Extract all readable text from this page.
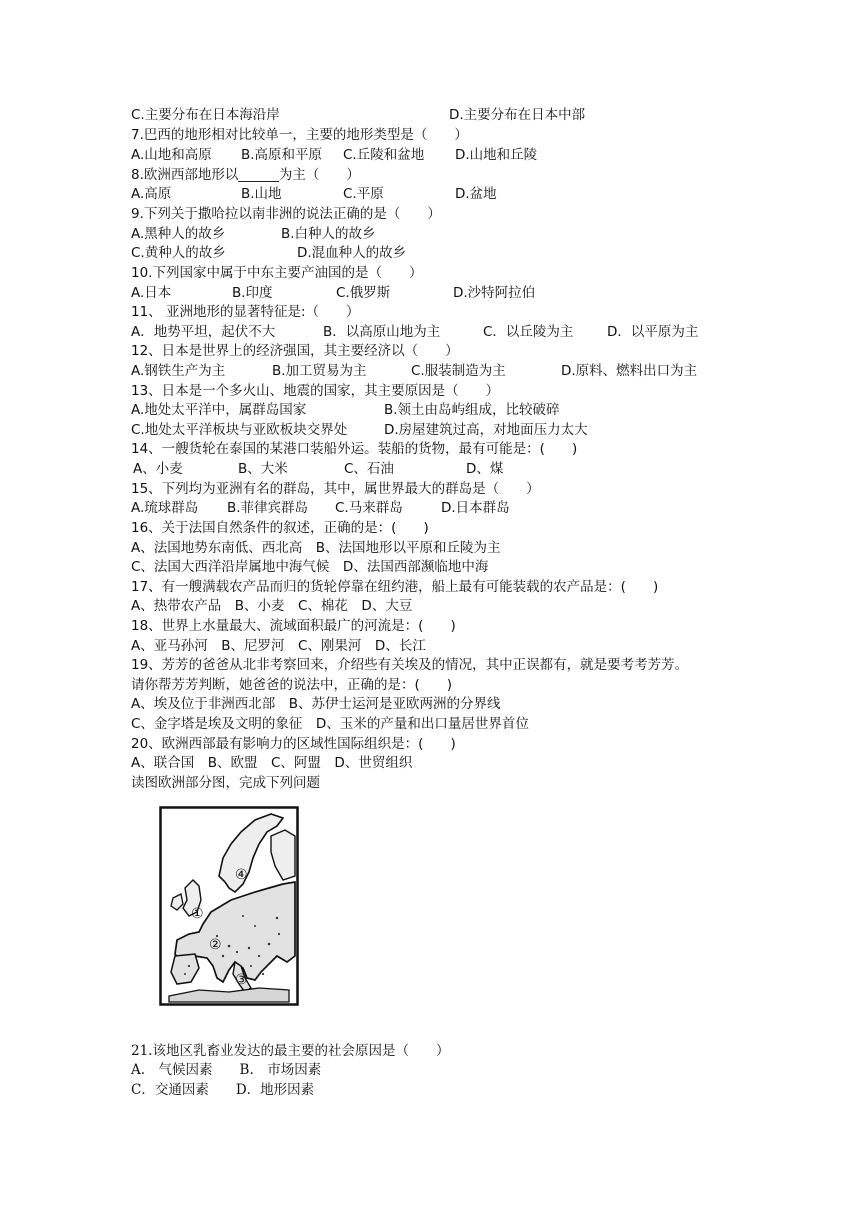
C.主要分布在日本海沿岸	D.主要分布在日本中部
7.巴西的地形相对比较单一，主要的地形类型是（　　）
A.山地和高原 B.高原和平原 C.丘陵和盆地 D.山地和丘陵
8.欧洲西部地形以______为主（　　）
A.高原	B.山地	C.平原	D.盆地
9.下列关于撒哈拉以南非洲的说法正确的是（　　）
A.黑种人的故乡	B.白种人的故乡
C.黄种人的故乡	D.混血种人的故乡
10.下列国家中属于中东主要产油国的是（　　）
A.日本	B.印度	C.俄罗斯	D.沙特阿拉伯
11、 亚洲地形的显著特征是:（　　）
A．地势平坦，起伏不大	B．以高原山地为主	C．以丘陵为主 D．以平原为主
12、日本是世界上的经济强国，其主要经济以（　　）
A.钢铁生产为主	B.加工贸易为主	C.服装制造为主	D.原料、燃料出口为主
13、日本是一个多火山、地震的国家，其主要原因是（　　）
A.地处太平洋中，属群岛国家	B.领土由岛屿组成，比较破碎
C.地处太平洋板块与亚欧板块交界处	D.房屋建筑过高，对地面压力太大
14、一艘货轮在泰国的某港口装船外运。装船的货物，最有可能是：(　　)
A、小麦	B、大米	C、石油	D、煤
15、下列均为亚洲有名的群岛，其中，属世界最大的群岛是（　　）
A.琉球群岛 B.菲律宾群岛 C.马来群岛	D.日本群岛
16、关于法国自然条件的叙述，正确的是：(　　)
A、法国地势东南低、西北高　B、法国地形以平原和丘陵为主
C、法国大西洋沿岸属地中海气候　D、法国西部濒临地中海
17、有一艘满载农产品而归的货轮停靠在纽约港，船上最有可能装载的农产品是：(　　)
A、热带农产品　B、小麦　C、棉花　D、大豆
18、世界上水量最大、流域面积最广的河流是：(　　)
A、亚马孙河　B、尼罗河　C、刚果河　D、长江
19、芳芳的爸爸从北非考察回来，介绍些有关埃及的情况，其中正误都有，就是要考考芳芳。
请你帮芳芳判断，她爸爸的说法中，正确的是：(　　)
A、埃及位于非洲西北部　B、苏伊士运河是亚欧两洲的分界线
C、金字塔是埃及文明的象征　D、玉米的产量和出口量居世界首位
20、欧洲西部最有影响力的区域性国际组织是：(　　)
A、联合国　B、欧盟　C、阿盟　D、世贸组织
读图欧洲部分图，完成下列问题
④
①
②
③
21.该地区乳畜业发达的最主要的社会原因是（　　）
A.　气候因素　　B.　市场因素
C．交通因素　　D．地形因素
